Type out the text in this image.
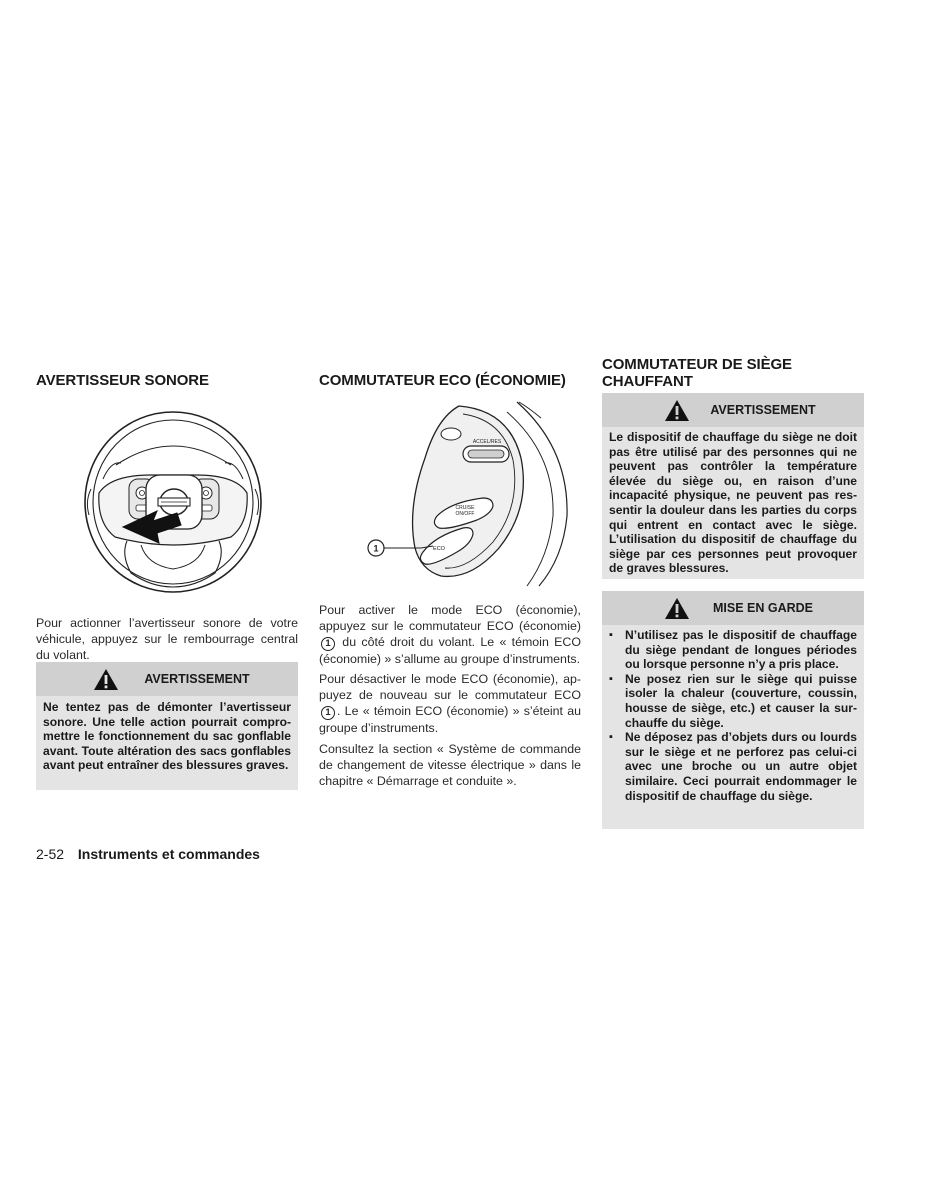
AVERTISSEUR SONORE

Pour actionner l’avertisseur sonore de votre véhicule, appuyez sur le rembourrage central du volant.

AVERTISSEMENT
Ne tentez pas de démonter l’avertisseur sonore. Une telle action pourrait compromettre le fonctionnement du sac gonflable avant. Toute altération des sacs gonflables avant peut entraîner des blessures graves.
COMMUTATEUR ECO (ÉCONOMIE)
ACCEL/RES
CRUISE
ON/OFF
ECO
1

Pour activer le mode ECO (économie), appuyez sur le commutateur ECO (économie) 1 du côté droit du volant. Le « témoin ECO (économie) » s’allume au groupe d’instruments.

Pour désactiver le mode ECO (économie), appuyez de nouveau sur le commutateur ECO 1 . Le « témoin ECO (économie) » s’éteint au groupe d’instruments.

Consultez la section « Système de commande de changement de vitesse électrique » dans le chapitre « Démarrage et conduite ».

COMMUTATEUR DE SIÈGE
CHAUFFANT
AVERTISSEMENT
Le dispositif de chauffage du siège ne doit pas être utilisé par des personnes qui ne peuvent pas contrôler la température élevée du siège ou, en raison d’une incapacité physique, ne peuvent pas ressentir la douleur dans les parties du corps qui entrent en contact avec le siège. L’utilisation du dispositif de chauffage du siège par ces personnes peut provoquer de graves blessures.
MISE EN GARDE
▪ N’utilisez pas le dispositif de chauffage du siège pendant de longues périodes ou lorsque personne n’y a pris place.
▪ Ne posez rien sur le siège qui puisse isoler la chaleur (couverture, coussin, housse de siège, etc.) et causer la surchauffe du siège.
▪ Ne déposez pas d’objets durs ou lourds sur le siège et ne perforez pas celui-ci avec une broche ou un autre objet similaire. Ceci pourrait endommager le dispositif de chauffage du siège.
2-52 Instruments et commandes
